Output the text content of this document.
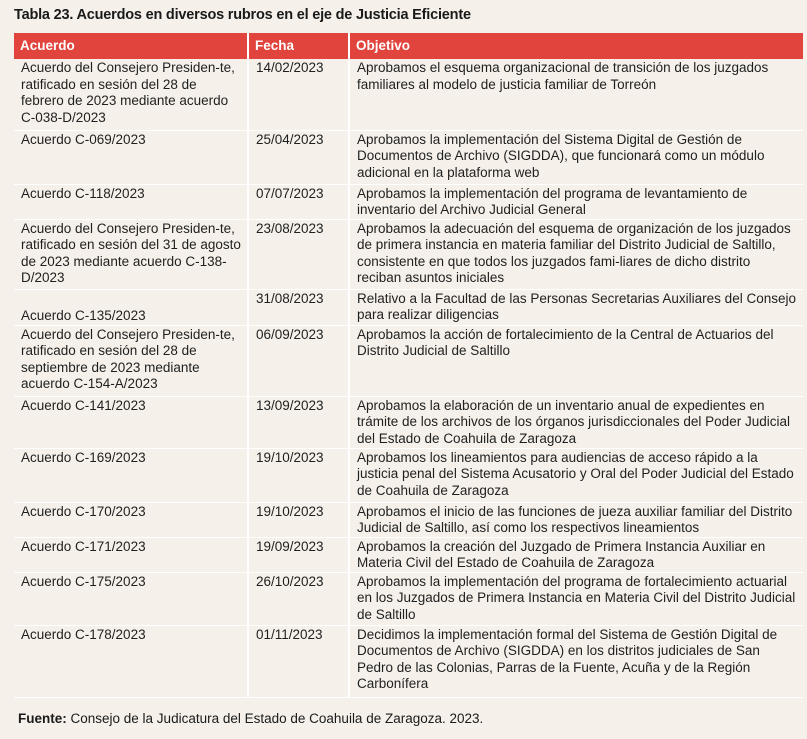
Tabla 23. Acuerdos en diversos rubros en el eje de Justicia Eficiente
Acuerdo	Fecha	Objetivo
Acuerdo del Consejero Presiden-te, ratificado en sesión del 28 de febrero de 2023 mediante acuerdo C-038-D/2023	14/02/2023	Aprobamos el esquema organizacional de transición de los juzgados familiares al modelo de justicia familiar de Torreón
Acuerdo C-069/2023	25/04/2023	Aprobamos la implementación del Sistema Digital de Gestión de Documentos de Archivo (SIGDDA), que funcionará como un módulo adicional en la plataforma web
Acuerdo C-118/2023	07/07/2023	Aprobamos la implementación del programa de levantamiento de inventario del Archivo Judicial General
Acuerdo del Consejero Presiden-te, ratificado en sesión del 31 de agosto de 2023 mediante acuerdo C-138-D/2023	23/08/2023	Aprobamos la adecuación del esquema de organización de los juzgados de primera instancia en materia familiar del Distrito Judicial de Saltillo, consistente en que todos los juzgados fami-liares de dicho distrito reciban asuntos iniciales
Acuerdo C-135/2023	31/08/2023	Relativo a la Facultad de las Personas Secretarias Auxiliares del Consejo para realizar diligencias
Acuerdo del Consejero Presiden-te, ratificado en sesión del 28 de septiembre de 2023 mediante acuerdo C-154-A/2023	06/09/2023	Aprobamos la acción de fortalecimiento de la Central de Actuarios del Distrito Judicial de Saltillo
Acuerdo C-141/2023	13/09/2023	Aprobamos la elaboración de un inventario anual de expedientes en trámite de los archivos de los órganos jurisdiccionales del Poder Judicial del Estado de Coahuila de Zaragoza
Acuerdo C-169/2023	19/10/2023	Aprobamos los lineamientos para audiencias de acceso rápido a la justicia penal del Sistema Acusatorio y Oral del Poder Judicial del Estado de Coahuila de Zaragoza
Acuerdo C-170/2023	19/10/2023	Aprobamos el inicio de las funciones de jueza auxiliar familiar del Distrito Judicial de Saltillo, así como los respectivos lineamientos
Acuerdo C-171/2023	19/09/2023	Aprobamos la creación del Juzgado de Primera Instancia Auxiliar en Materia Civil del Estado de Coahuila de Zaragoza
Acuerdo C-175/2023	26/10/2023	Aprobamos la implementación del programa de fortalecimiento actuarial en los Juzgados de Primera Instancia en Materia Civil del Distrito Judicial de Saltillo
Acuerdo C-178/2023	01/11/2023	Decidimos la implementación formal del Sistema de Gestión Digital de Documentos de Archivo (SIGDDA) en los distritos judiciales de San Pedro de las Colonias, Parras de la Fuente, Acuña y de la Región Carbonífera
Fuente: Consejo de la Judicatura del Estado de Coahuila de Zaragoza. 2023.
